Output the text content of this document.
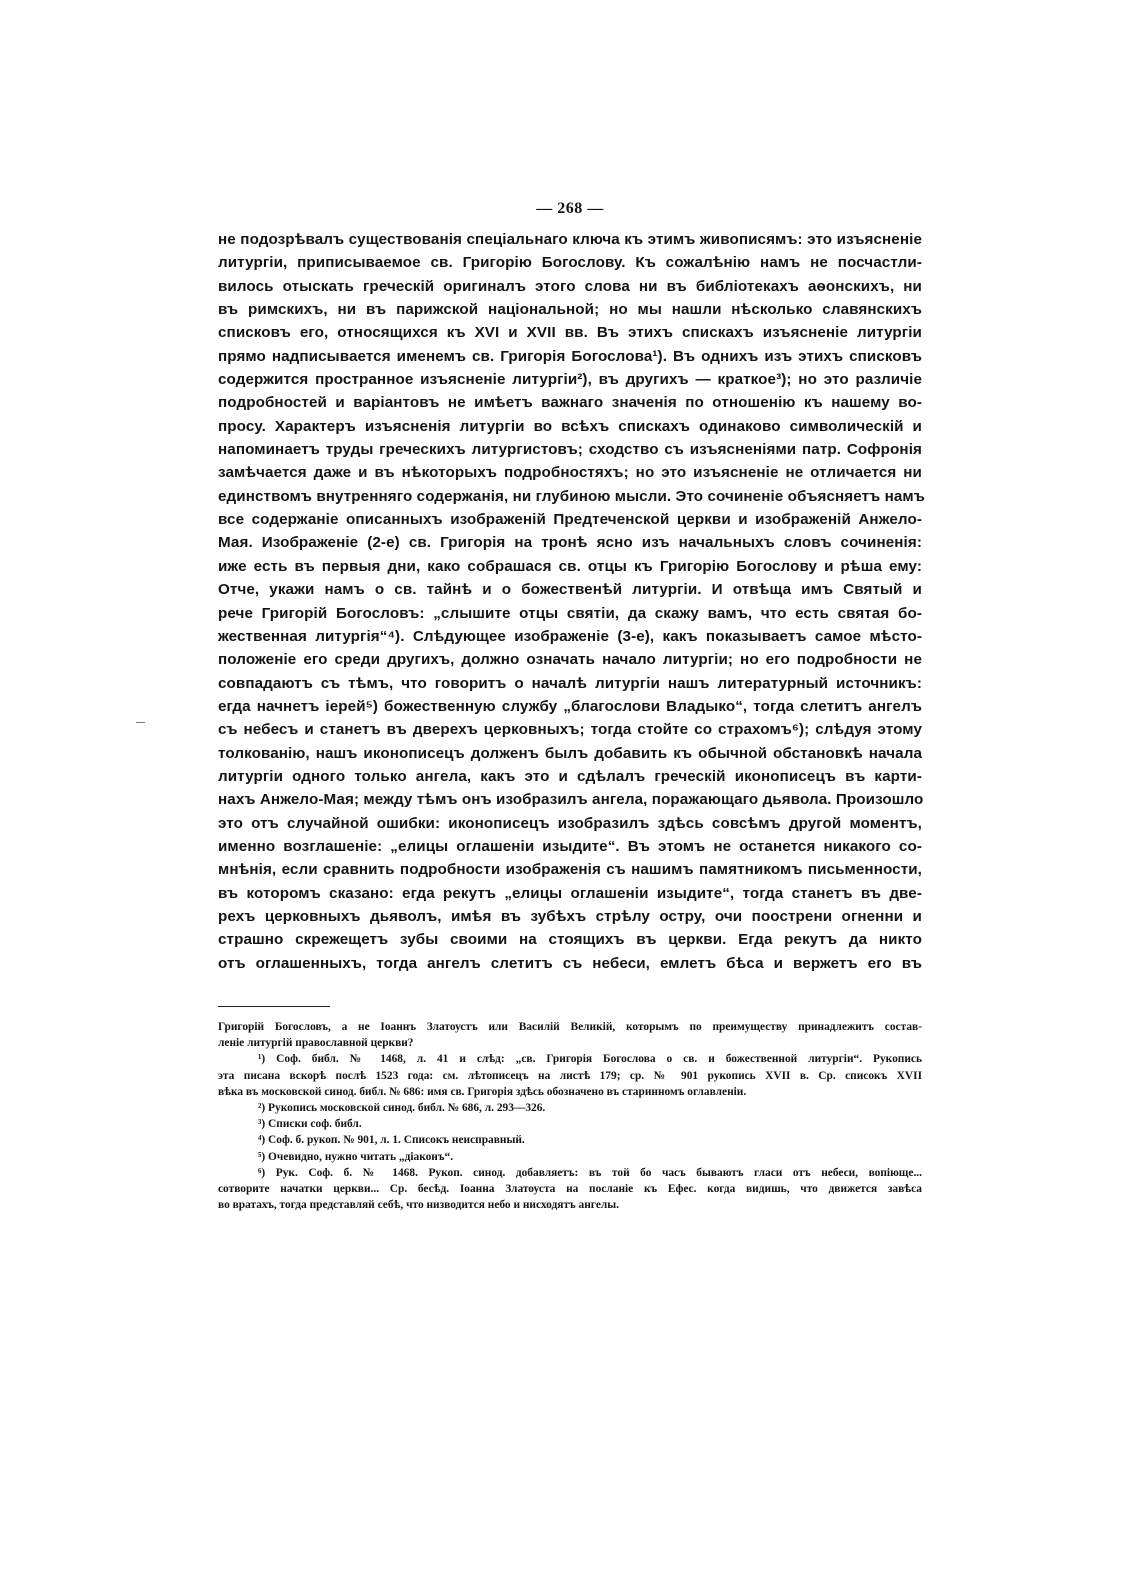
— 268 —
не подозрѣвалъ существованія спеціальнаго ключа къ этимъ живописямъ: это изъясненіе
литургіи, приписываемое св. Григорію Богослову. Къ сожалѣнію намъ не посчастли-
вилось отыскать греческій оригиналъ этого слова ни въ библіотекахъ аѳонскихъ, ни
въ римскихъ, ни въ парижской національной; но мы нашли нѣсколько славянскихъ
списковъ его, относящихся къ XVI и XVII вв. Въ этихъ спискахъ изъясненіе литургіи
прямо надписывается именемъ св. Григорія Богослова¹). Въ однихъ изъ этихъ списковъ
содержится пространное изъясненіе литургіи²), въ другихъ — краткое³); но это различіе
подробностей и варіантовъ не имѣетъ важнаго значенія по отношенію къ нашему во-
просу. Характеръ изъясненія литургіи во всѣхъ спискахъ одинаково символическій и
напоминаетъ труды греческихъ литургистовъ; сходство съ изъясненіями патр. Софронія
замѣчается даже и въ нѣкоторыхъ подробностяхъ; но это изъясненіе не отличается ни
единствомъ внутренняго содержанія, ни глубиною мысли. Это сочиненіе объясняетъ намъ
все содержаніе описанныхъ изображеній Предтеченской церкви и изображеній Анжело-
Мая. Изображеніе (2-е) св. Григорія на тронѣ ясно изъ начальныхъ словъ сочиненія:
иже есть въ первыя дни, како собрашася св. отцы къ Григорію Богослову и рѣша ему:
Отче, укажи намъ о св. тайнѣ и о божественѣй литургіи. И отвѣща имъ Святый и
рече Григорій Богословъ: „слышите отцы святіи, да скажу вамъ, что есть святая бо-
жественная литургія“⁴). Слѣдующее изображеніе (3-е), какъ показываетъ самое мѣсто-
положеніе его среди другихъ, должно означать начало литургіи; но его подробности не
совпадаютъ съ тѣмъ, что говоритъ о началѣ литургіи нашъ литературный источникъ:
егда начнетъ іерей⁵) божественную службу „благослови Владыко“, тогда слетитъ ангелъ
съ небесъ и станетъ въ дверехъ церковныхъ; тогда стойте со страхомъ⁶); слѣдуя этому
толкованію, нашъ иконописецъ долженъ былъ добавить къ обычной обстановкѣ начала
литургіи одного только ангела, какъ это и сдѣлалъ греческій иконописецъ въ карти-
нахъ Анжело-Мая; между тѣмъ онъ изобразилъ ангела, поражающаго дьявола. Произошло
это отъ случайной ошибки: иконописецъ изобразилъ здѣсь совсѣмъ другой моментъ,
именно возглашеніе: „елицы оглашеніи изыдите“. Въ этомъ не останется никакого со-
мнѣнія, если сравнить подробности изображенія съ нашимъ памятникомъ письменности,
въ которомъ сказано: егда рекутъ „елицы оглашеніи изыдите“, тогда станетъ въ две-
рехъ церковныхъ дьяволъ, имѣя въ зубѣхъ стрѣлу остру, очи поострени огненни и
страшно скрежещетъ зубы своими на стоящихъ въ церкви. Егда рекутъ да никто
отъ оглашенныхъ, тогда ангелъ слетитъ съ небеси, емлетъ бѣса и вержетъ его въ
Григорій Богословъ, а не Іоаннъ Златоустъ или Василій Великій, которымъ по преимуществу принадлежитъ состав-
леніе литургій православной церкви?
¹) Соф. библ. № 1468, л. 41 и слѣд: „св. Григорія Богослова о св. и божественной литургіи“. Рукопись
эта писана вскорѣ послѣ 1523 года: см. лѣтописецъ на листѣ 179; ср. № 901 рукопись XVII в. Ср. списокъ XVII
вѣка въ московской синод. библ. № 686: имя св. Григорія здѣсь обозначено въ старинномъ оглавленіи.
²) Рукопись московской синод. библ. № 686, л. 293—326.
³) Списки соф. библ.
⁴) Соф. б. рукоп. № 901, л. 1. Списокъ неисправный.
⁵) Очевидно, нужно читать „діаконъ“.
⁶) Рук. Соф. б. № 1468. Рукоп. синод. добавляетъ: въ той бо часъ бываютъ гласи отъ небеси, вопіюще...
сотворите начатки церкви... Ср. бесѣд. Іоанна Златоуста на посланіе къ Ефес. когда видишь, что движется завѣса
во вратахъ, тогда представляй себѣ, что низводится небо и нисходятъ ангелы.
